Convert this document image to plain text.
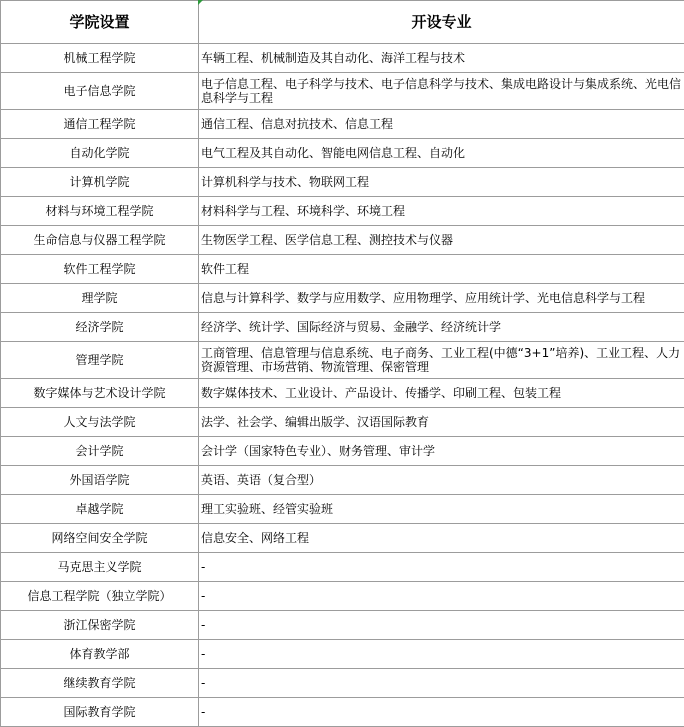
学院设置	开设专业
机械工程学院	车辆工程、机械制造及其自动化、海洋工程与技术
电子信息学院	电子信息工程、电子科学与技术、电子信息科学与技术、集成电路设计与集成系统、光电信息科学与工程
通信工程学院	通信工程、信息对抗技术、信息工程
自动化学院	电气工程及其自动化、智能电网信息工程、自动化
计算机学院	计算机科学与技术、物联网工程
材料与环境工程学院	材料科学与工程、环境科学、环境工程
生命信息与仪器工程学院	生物医学工程、医学信息工程、测控技术与仪器
软件工程学院	软件工程
理学院	信息与计算科学、数学与应用数学、应用物理学、应用统计学、光电信息科学与工程
经济学院	经济学、统计学、国际经济与贸易、金融学、经济统计学
管理学院	工商管理、信息管理与信息系统、电子商务、工业工程(中德“3+1”培养)、工业工程、人力资源管理、市场营销、物流管理、保密管理
数字媒体与艺术设计学院	数字媒体技术、工业设计、产品设计、传播学、印刷工程、包装工程
人文与法学院	法学、社会学、编辑出版学、汉语国际教育
会计学院	会计学（国家特色专业）、财务管理、审计学
外国语学院	英语、英语（复合型）
卓越学院	理工实验班、经管实验班
网络空间安全学院	信息安全、网络工程
马克思主义学院	-
信息工程学院（独立学院）	-
浙江保密学院	-
体育教学部	-
继续教育学院	-
国际教育学院	-
